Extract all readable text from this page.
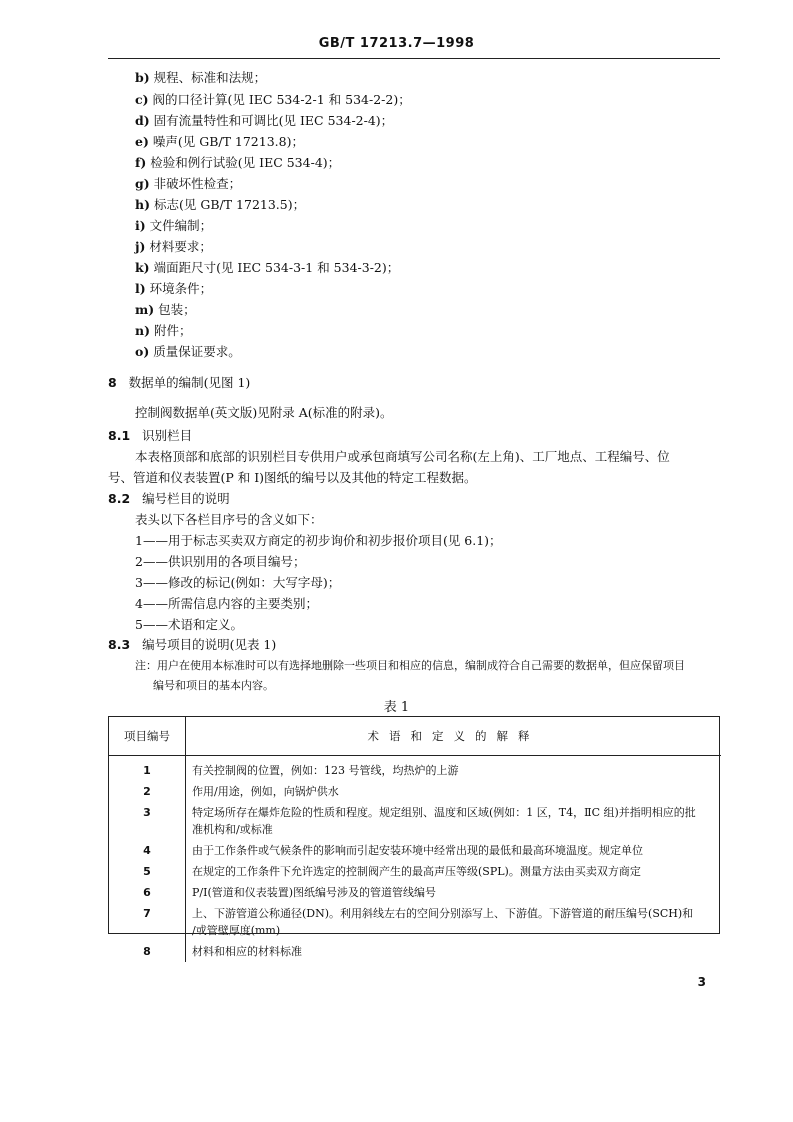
GB/T 17213.7—1998
b) 规程、标准和法规；
c) 阀的口径计算(见 IEC 534-2-1 和 534-2-2)；
d) 固有流量特性和可调比(见 IEC 534-2-4)；
e) 噪声(见 GB/T 17213.8)；
f) 检验和例行试验(见 IEC 534-4)；
g) 非破坏性检查；
h) 标志(见 GB/T 17213.5)；
i) 文件编制；
j) 材料要求；
k) 端面距尺寸(见 IEC 534-3-1 和 534-3-2)；
l) 环境条件；
m) 包装；
n) 附件；
o) 质量保证要求。
8 数据单的编制(见图 1)
控制阀数据单(英文版)见附录 A(标准的附录)。
8.1 识别栏目
本表格顶部和底部的识别栏目专供用户或承包商填写公司名称(左上角)、工厂地点、工程编号、位
号、管道和仪表装置(P 和 I)图纸的编号以及其他的特定工程数据。
8.2 编号栏目的说明
表头以下各栏目序号的含义如下：
1——用于标志买卖双方商定的初步询价和初步报价项目(见 6.1)；
2——供识别用的各项目编号；
3——修改的标记(例如：大写字母)；
4——所需信息内容的主要类别；
5——术语和定义。
8.3 编号项目的说明(见表 1)
注：用户在使用本标准时可以有选择地删除一些项目和相应的信息，编制成符合自己需要的数据单，但应保留项目
编号和项目的基本内容。
表 1
项目编号	术语和定义的解释
1	有关控制阀的位置，例如：123 号管线，均热炉的上游
2	作用/用途，例如，向锅炉供水
3	特定场所存在爆炸危险的性质和程度。规定组别、温度和区域(例如：1 区，T4，ⅡC 组)并指明相应的批
准机构和/或标准

4	由于工作条件或气候条件的影响而引起安装环境中经常出现的最低和最高环境温度。规定单位
5	在规定的工作条件下允许选定的控制阀产生的最高声压等级(SPL)。测量方法由买卖双方商定
6	P/I(管道和仪表装置)图纸编号涉及的管道管线编号
7	上、下游管道公称通径(DN)。利用斜线左右的空间分别添写上、下游值。下游管道的耐压编号(SCH)和
/或管壁厚度(mm)

8	材料和相应的材料标准
3
